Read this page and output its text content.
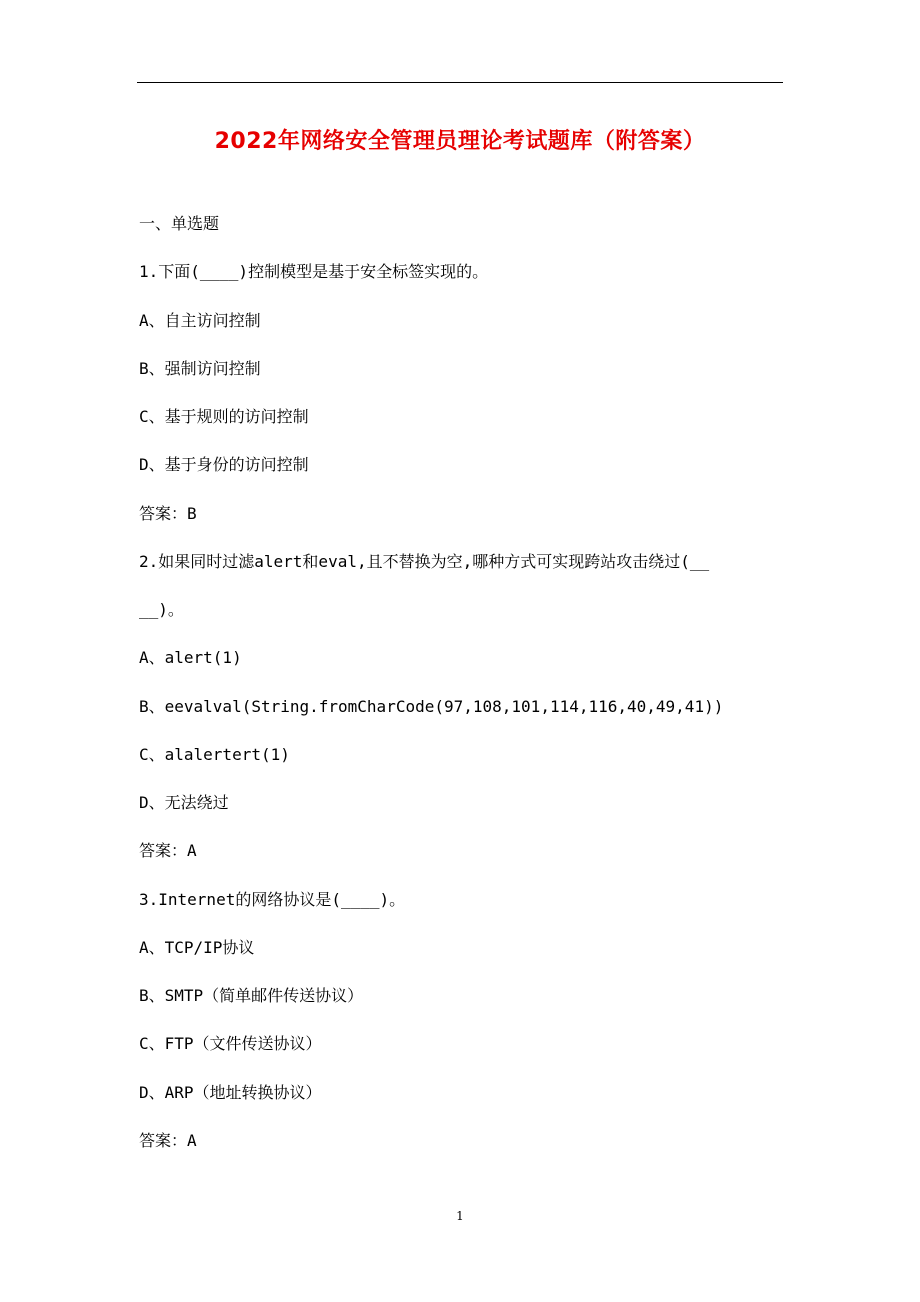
2022年网络安全管理员理论考试题库（附答案）
一、单选题
1.下面(____)控制模型是基于安全标签实现的。
A、自主访问控制
B、强制访问控制
C、基于规则的访问控制
D、基于身份的访问控制
答案：B
2.如果同时过滤alert和eval,且不替换为空,哪种方式可实现跨站攻击绕过(__
__)。
A、alert(1)
B、eevalval(String.fromCharCode(97,108,101,114,116,40,49,41))
C、alalertert(1)
D、无法绕过
答案：A
3.Internet的网络协议是(____)。
A、TCP/IP协议
B、SMTP（简单邮件传送协议）
C、FTP（文件传送协议）
D、ARP（地址转换协议）
答案：A
1
